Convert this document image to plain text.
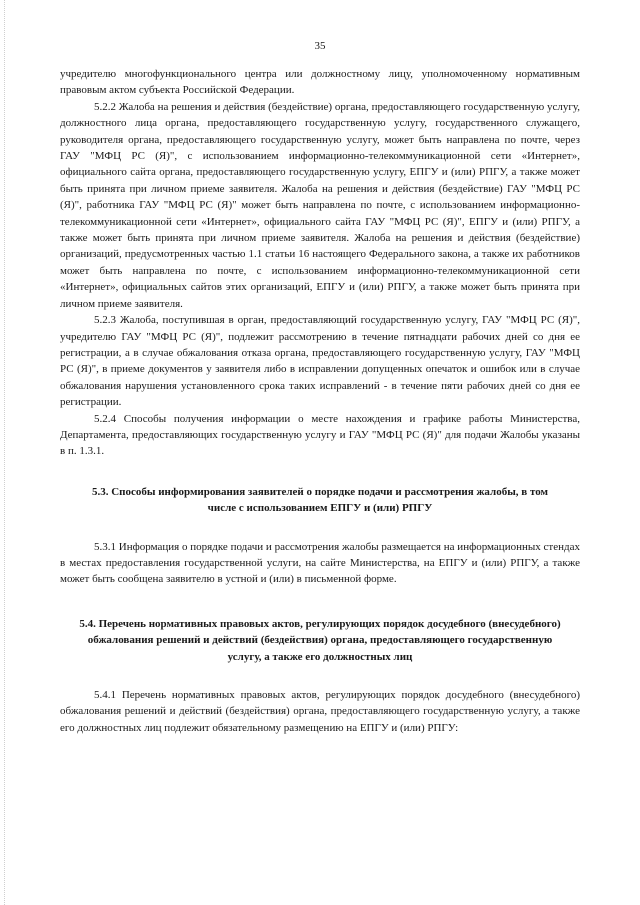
35

учредителю многофункционального центра или должностному лицу, уполномоченному нормативным правовым актом субъекта Российской Федерации.

5.2.2 Жалоба на решения и действия (бездействие) органа, предоставляющего государственную услугу, должностного лица органа, предоставляющего государственную услугу, государственного служащего, руководителя органа, предоставляющего государственную услугу, может быть направлена по почте, через ГАУ "МФЦ РС (Я)", с использованием информационно-телекоммуникационной сети «Интернет», официального сайта органа, предоставляющего государственную услугу, ЕПГУ и (или) РПГУ, а также может быть принята при личном приеме заявителя. Жалоба на решения и действия (бездействие) ГАУ "МФЦ РС (Я)", работника ГАУ "МФЦ РС (Я)" может быть направлена по почте, с использованием информационно-телекоммуникационной сети «Интернет», официального сайта ГАУ "МФЦ РС (Я)", ЕПГУ и (или) РПГУ, а также может быть принята при личном приеме заявителя. Жалоба на решения и действия (бездействие) организаций, предусмотренных частью 1.1 статьи 16 настоящего Федерального закона, а также их работников может быть направлена по почте, с использованием информационно-телекоммуникационной сети «Интернет», официальных сайтов этих организаций, ЕПГУ и (или) РПГУ, а также может быть принята при личном приеме заявителя.

5.2.3 Жалоба, поступившая в орган, предоставляющий государственную услугу, ГАУ "МФЦ РС (Я)", учредителю ГАУ "МФЦ РС (Я)", подлежит рассмотрению в течение пятнадцати рабочих дней со дня ее регистрации, а в случае обжалования отказа органа, предоставляющего государственную услугу, ГАУ "МФЦ РС (Я)", в приеме документов у заявителя либо в исправлении допущенных опечаток и ошибок или в случае обжалования нарушения установленного срока таких исправлений - в течение пяти рабочих дней со дня ее регистрации.

5.2.4 Способы получения информации о месте нахождения и графике работы Министерства, Департамента, предоставляющих государственную услугу и ГАУ "МФЦ РС (Я)" для подачи Жалобы указаны в п. 1.3.1.

5.3. Способы информирования заявителей о порядке подачи и рассмотрения жалобы, в том числе с использованием ЕПГУ и (или) РПГУ

5.3.1 Информация о порядке подачи и рассмотрения жалобы размещается на информационных стендах в местах предоставления государственной услуги, на сайте Министерства, на ЕПГУ и (или) РПГУ, а также может быть сообщена заявителю в устной и (или) в письменной форме.

5.4. Перечень нормативных правовых актов, регулирующих порядок досудебного (внесудебного) обжалования решений и действий (бездействия) органа, предоставляющего государственную услугу, а также его должностных лиц

5.4.1 Перечень нормативных правовых актов, регулирующих порядок досудебного (внесудебного) обжалования решений и действий (бездействия) органа, предоставляющего государственную услугу, а также его должностных лиц подлежит обязательному размещению на ЕПГУ и (или) РПГУ:
